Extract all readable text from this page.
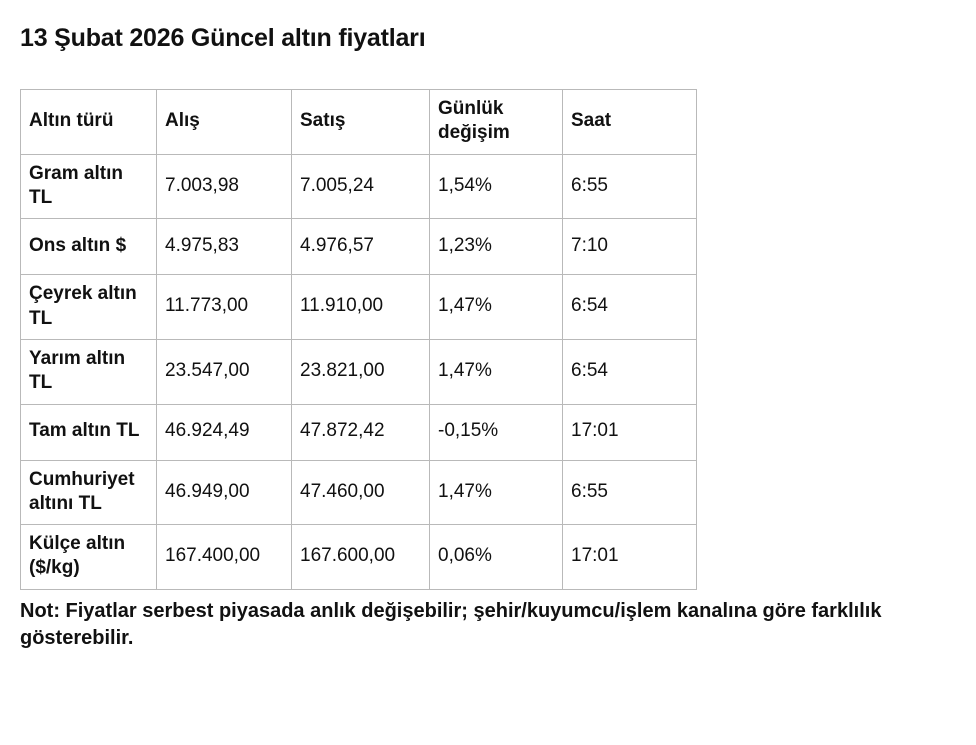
13 Şubat 2026 Güncel altın fiyatları
Altın türü	Alış	Satış	Günlük değişim	Saat
Gram altın TL	7.003,98	7.005,24	1,54%	6:55
Ons altın $	4.975,83	4.976,57	1,23%	7:10
Çeyrek altın TL	11.773,00	11.910,00	1,47%	6:54
Yarım altın TL	23.547,00	23.821,00	1,47%	6:54
Tam altın TL	46.924,49	47.872,42	-0,15%	17:01
Cumhuriyet altını TL	46.949,00	47.460,00	1,47%	6:55
Külçe altın ($/kg)	167.400,00	167.600,00	0,06%	17:01

Not: Fiyatlar serbest piyasada anlık değişebilir; şehir/kuyumcu/işlem kanalına göre farklılık gösterebilir.
